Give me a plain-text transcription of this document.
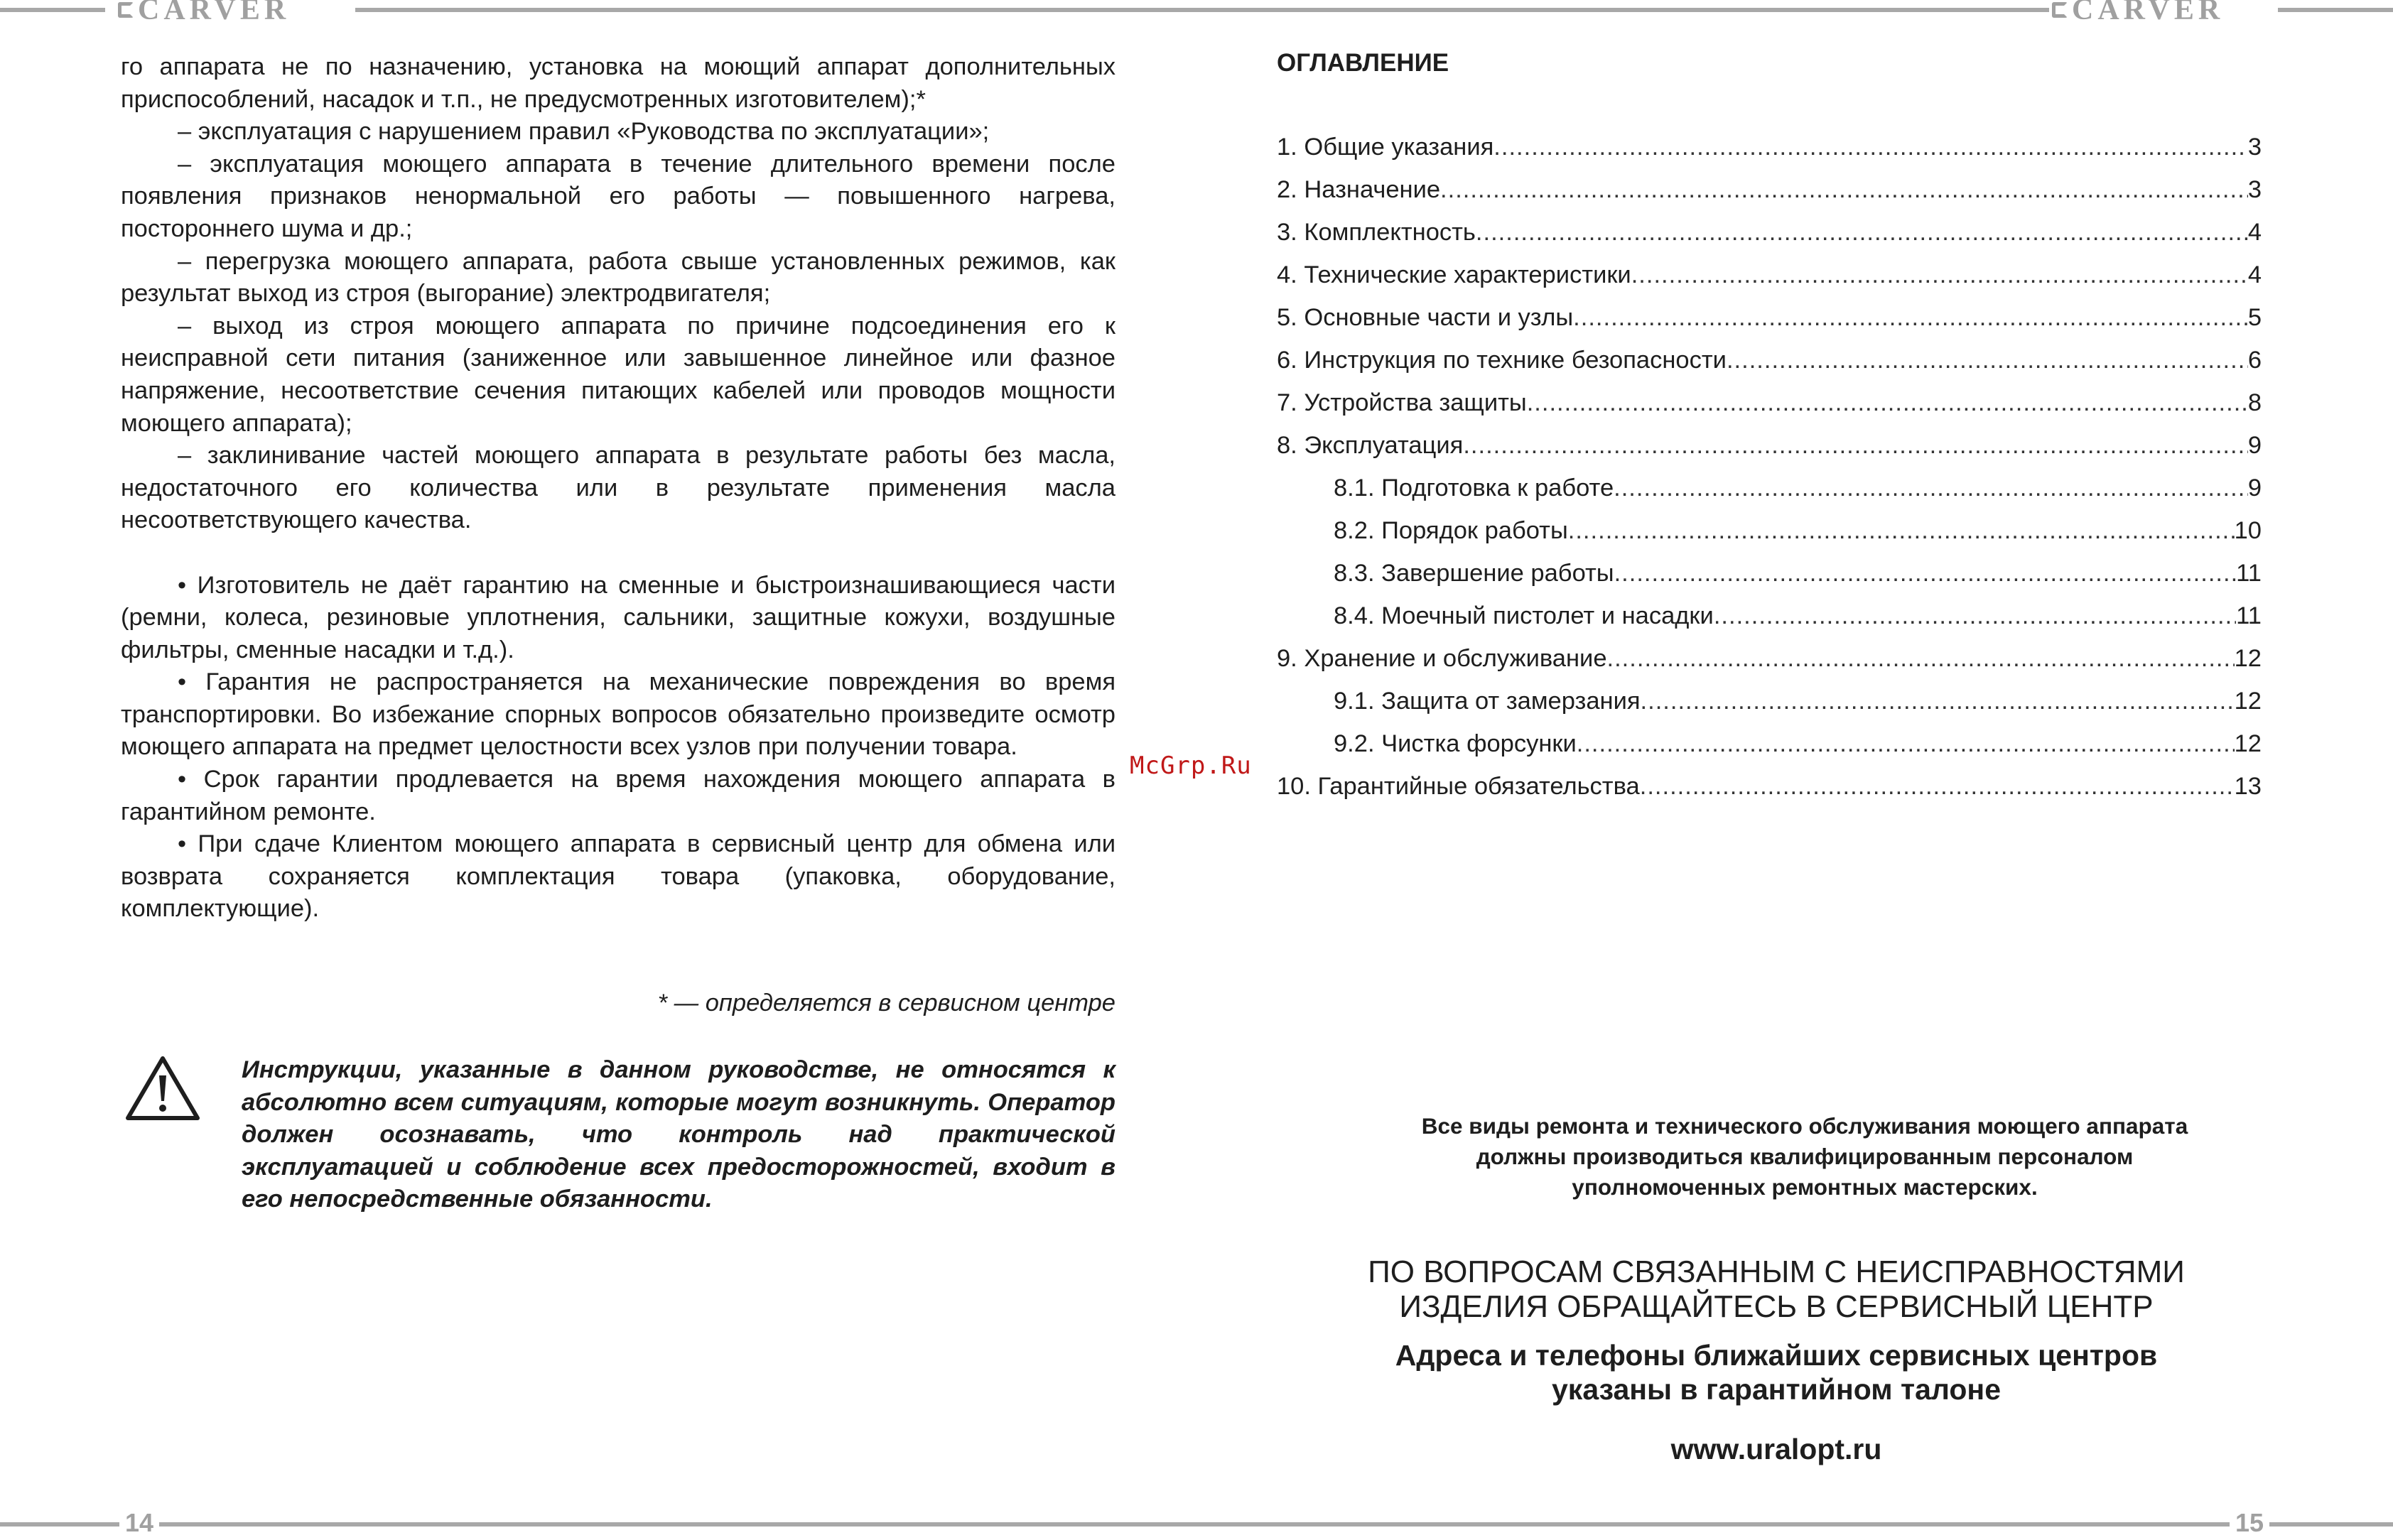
CARVER	CARVER
14	15

го аппарата не по назначению, установка на моющий аппарат дополнительных приспособлений, насадок и т.п., не предусмотренных изготовителем);*

– эксплуатация с нарушением правил «Руководства по эксплуатации»;

– эксплуатация моющего аппарата в течение длительного времени после появления признаков ненормальной его работы — повышенного нагрева, постороннего шума и др.;

– перегрузка моющего аппарата, работа свыше установленных режимов, как результат выход из строя (выгорание) электродвигателя;

– выход из строя моющего аппарата по причине подсоединения его к неисправной сети питания (заниженное или завышенное линейное или фазное напряжение, несоответствие сечения питающих кабелей или проводов мощности моющего аппарата);

– заклинивание частей моющего аппарата в результате работы без масла, недостаточного его количества или в результате применения масла несоответствующего качества.

• Изготовитель не даёт гарантию на сменные и быстроизнашивающиеся части (ремни, колеса, резиновые уплотнения, сальники, защитные кожухи, воздушные фильтры, сменные насадки и т.д.).

• Гарантия не распространяется на механические повреждения во время транспортировки. Во избежание спорных вопросов обязательно произведите осмотр моющего аппарата на предмет целостности всех узлов при получении товара.

• Срок гарантии продлевается на время нахождения моющего аппарата в гарантийном ремонте.

• При сдаче Клиентом моющего аппарата в сервисный центр для обмена или возврата сохраняется комплектация товара (упаковка, оборудование, комплектующие).

* — определяется в сервисном центре

Инструкции, указанные в данном руководстве, не относятся к абсолютно всем ситуациям, которые могут возникнуть. Оператор должен осознавать, что контроль над практической эксплуатацией и соблюдение всех предосторожностей, входит в его непосредственные обязанности.

McGrp.Ru
ОГЛАВЛЕНИЕ
1. Общие указания .....	3
2. Назначение .....	3
3. Комплектность .....	4
4. Технические характеристики .....	4
5. Основные части и узлы .....	5
6. Инструкция по технике безопасности .....	6
7. Устройства защиты .....	8
8. Эксплуатация .....	9
8.1. Подготовка к работе .....	9
8.2. Порядок работы .....	10
8.3. Завершение работы .....	11
8.4. Моечный пистолет и насадки .....	11
9. Хранение и обслуживание .....	12
9.1. Защита от замерзания .....	12
9.2. Чистка форсунки .....	12
10. Гарантийные обязательства .....	13

Все виды ремонта и технического обслуживания моющего аппарата
должны производиться квалифицированным персоналом
уполномоченных ремонтных мастерских.

ПО ВОПРОСАМ СВЯЗАННЫМ С НЕИСПРАВНОСТЯМИ
ИЗДЕЛИЯ ОБРАЩАЙТЕСЬ В СЕРВИСНЫЙ ЦЕНТР

Адреса и телефоны ближайших сервисных центров
указаны в гарантийном талоне

www.uralopt.ru
